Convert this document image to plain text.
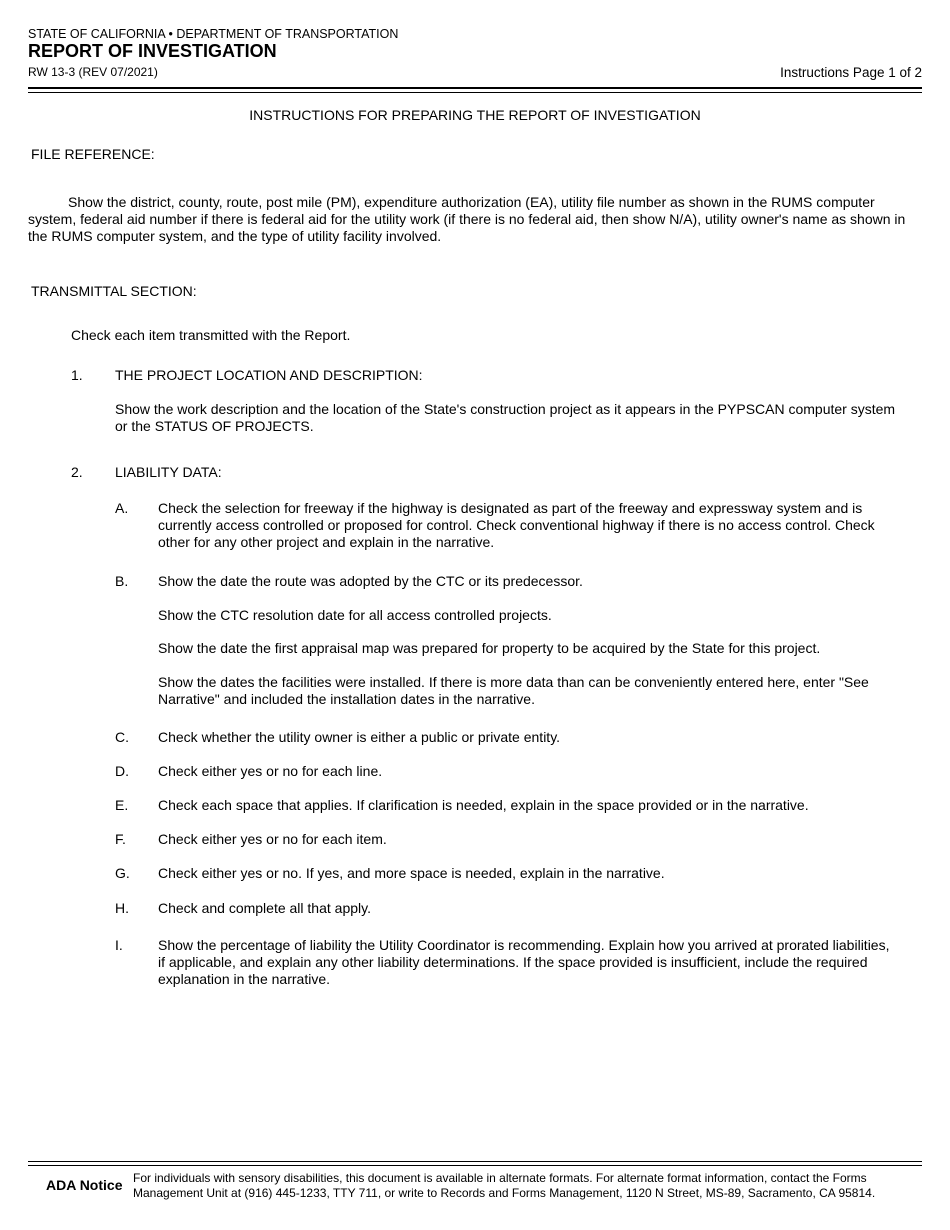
STATE OF CALIFORNIA • DEPARTMENT OF TRANSPORTATION
REPORT OF INVESTIGATION
RW 13-3 (REV 07/2021)	Instructions Page 1 of 2
INSTRUCTIONS FOR PREPARING THE REPORT OF INVESTIGATION
FILE REFERENCE:
Show the district, county, route, post mile (PM), expenditure authorization (EA), utility file number as shown in the RUMS computer system, federal aid number if there is federal aid for the utility work (if there is no federal aid, then show N/A), utility owner's name as shown in the RUMS computer system, and the type of utility facility involved.
TRANSMITTAL SECTION:
Check each item transmitted with the Report.
1. THE PROJECT LOCATION AND DESCRIPTION:
Show the work description and the location of the State's construction project as it appears in the PYPSCAN computer system or the STATUS OF PROJECTS.
2. LIABILITY DATA:
A. Check the selection for freeway if the highway is designated as part of the freeway and expressway system and is currently access controlled or proposed for control. Check conventional highway if there is no access control. Check other for any other project and explain in the narrative.
B. Show the date the route was adopted by the CTC or its predecessor.
Show the CTC resolution date for all access controlled projects.
Show the date the first appraisal map was prepared for property to be acquired by the State for this project.
Show the dates the facilities were installed. If there is more data than can be conveniently entered here, enter "See Narrative" and included the installation dates in the narrative.
C. Check whether the utility owner is either a public or private entity.
D. Check either yes or no for each line.
E. Check each space that applies. If clarification is needed, explain in the space provided or in the narrative.
F. Check either yes or no for each item.
G. Check either yes or no. If yes, and more space is needed, explain in the narrative.
H. Check and complete all that apply.
I.	Show the percentage of liability the Utility Coordinator is recommending. Explain how you arrived at prorated liabilities, if applicable, and explain any other liability determinations. If the space provided is insufficient, include the required explanation in the narrative.
ADA Notice For individuals with sensory disabilities, this document is available in alternate formats. For alternate format information, contact the Forms Management Unit at (916) 445-1233, TTY 711, or write to Records and Forms Management, 1120 N Street, MS-89, Sacramento, CA 95814.
